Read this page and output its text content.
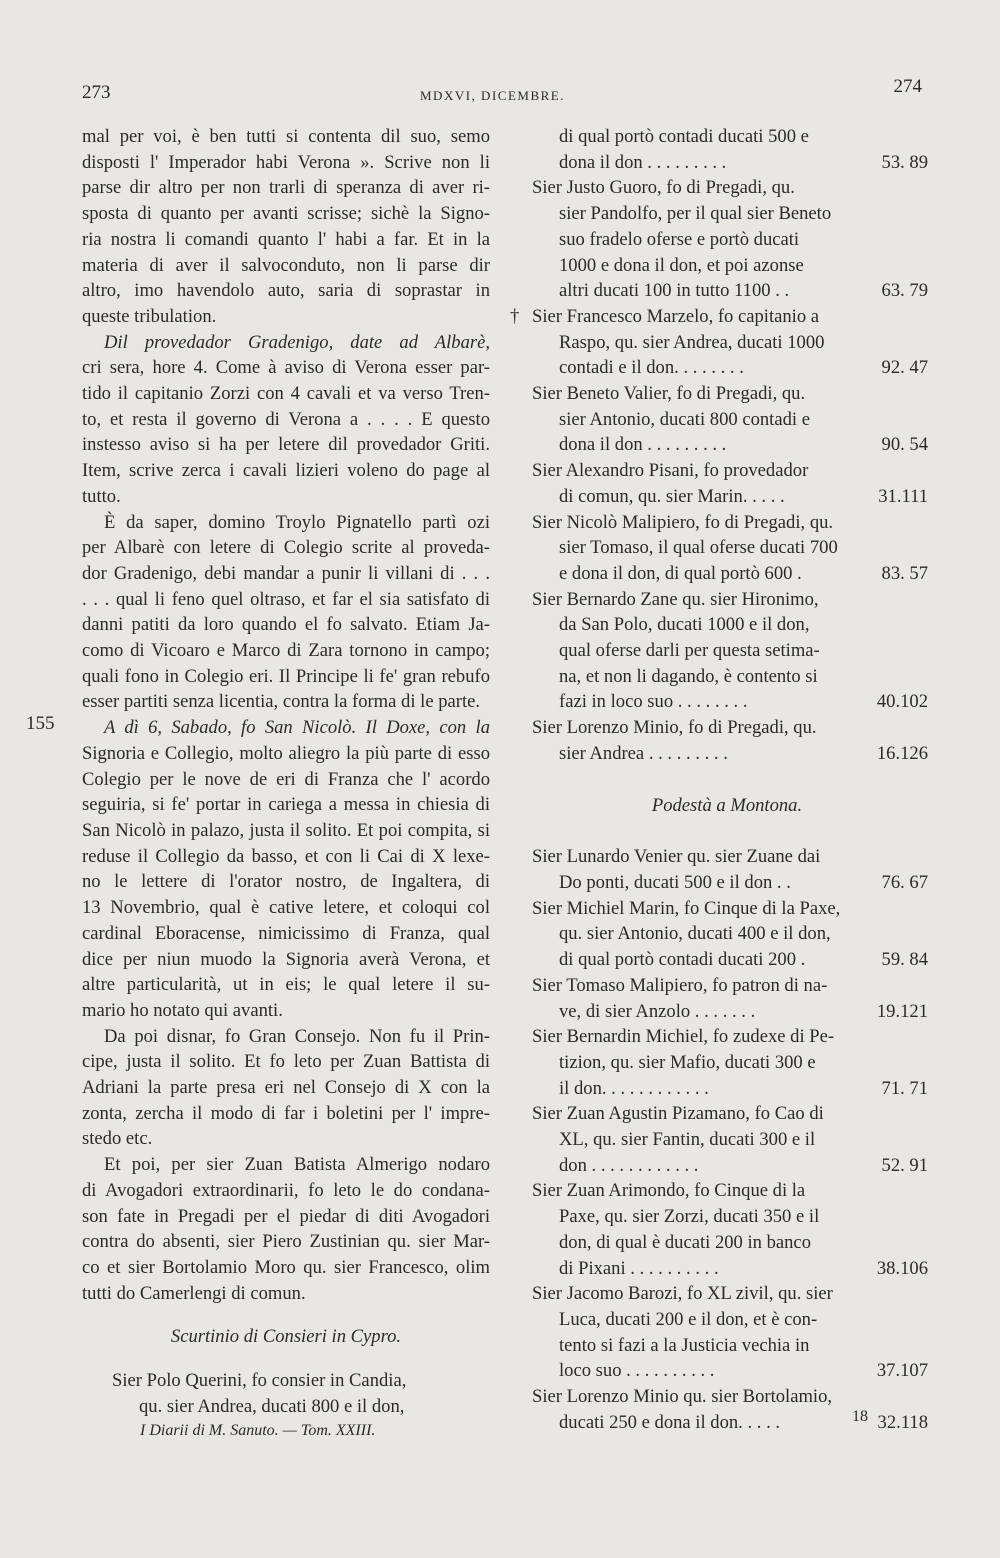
273	MDXVI, DICEMBRE.	274
155
mal per voi, è ben tutti si contenta dil suo, semo
disposti l' Imperador habi Verona ». Scrive non li
parse dir altro per non trarli di speranza di aver ri-
sposta di quanto per avanti scrisse; sichè la Signo-
ria nostra li comandi quanto l' habi a far. Et in la
materia di aver il salvoconduto, non li parse dir
altro, imo havendolo auto, saria di soprastar in
queste tribulation.
Dil provedador Gradenigo, date ad Albarè,
cri sera, hore 4. Come à aviso di Verona esser par-
tido il capitanio Zorzi con 4 cavali et va verso Tren-
to, et resta il governo di Verona a . . . . E questo
instesso aviso si ha per letere dil provedador Griti.
Item, scrive zerca i cavali lizieri voleno do page al
tutto.
È da saper, domino Troylo Pignatello partì ozi
per Albarè con letere di Colegio scrite al proveda-
dor Gradenigo, debi mandar a punir li villani di . . .
. . . qual li feno quel oltraso, et far el sia satisfato di
danni patiti da loro quando el fo salvato. Etiam Ja-
como di Vicoaro e Marco di Zara tornono in campo;
quali fono in Colegio eri. Il Principe li fe' gran rebufo
esser partiti senza licentia, contra la forma di le parte.
A dì 6, Sabado, fo San Nicolò. Il Doxe, con la
Signoria e Collegio, molto aliegro la più parte di esso
Colegio per le nove de eri di Franza che l' acordo
seguiria, si fe' portar in cariega a messa in chiesia di
San Nicolò in palazo, justa il solito. Et poi compita, si
reduse il Collegio da basso, et con li Cai di X lexe-
no le lettere di l'orator nostro, de Ingaltera, di
13 Novembrio, qual è cative letere, et coloqui col
cardinal Eboracense, nimicissimo di Franza, qual
dice per niun muodo la Signoria averà Verona, et
altre particularità, ut in eis; le qual letere il su-
mario ho notato qui avanti.
Da poi disnar, fo Gran Consejo. Non fu il Prin-
cipe, justa il solito. Et fo leto per Zuan Battista di
Adriani la parte presa eri nel Consejo di X con la
zonta, zercha il modo di far i boletini per l' impre-
stedo etc.
Et poi, per sier Zuan Batista Almerigo nodaro
di Avogadori extraordinarii, fo leto le do condana-
son fate in Pregadi per el piedar di diti Avogadori
contra do absenti, sier Piero Zustinian qu. sier Mar-
co et sier Bortolamio Moro qu. sier Francesco, olim
tutti do Camerlengi di comun.
Scurtinio di Consieri in Cypro.
Sier Polo Querini, fo consier in Candia,
qu. sier Andrea, ducati 800 e il don,
di qual portò contadi ducati 500 e
dona il don . . . . . . . . .	53. 89
Sier Justo Guoro, fo di Pregadi, qu.
sier Pandolfo, per il qual sier Beneto
suo fradelo oferse e portò ducati
1000 e dona il don, et poi azonse
altri ducati 100 in tutto 1100 . .	63. 79
Sier Francesco Marzelo, fo capitanio a
†
Raspo, qu. sier Andrea, ducati 1000
contadi e il don. . . . . . . .	92. 47
Sier Beneto Valier, fo di Pregadi, qu.
sier Antonio, ducati 800 contadi e
dona il don . . . . . . . . .	90. 54
Sier Alexandro Pisani, fo provedador
di comun, qu. sier Marin. . . . .	31.111
Sier Nicolò Malipiero, fo di Pregadi, qu.
sier Tomaso, il qual oferse ducati 700
e dona il don, di qual portò 600 .	83. 57
Sier Bernardo Zane qu. sier Hironimo,
da San Polo, ducati 1000 e il don,
qual oferse darli per questa setima-
na, et non li dagando, è contento si
fazi in loco suo . . . . . . . .	40.102
Sier Lorenzo Minio, fo di Pregadi, qu.
sier Andrea . . . . . . . . .	16.126
Podestà a Montona.
Sier Lunardo Venier qu. sier Zuane dai
Do ponti, ducati 500 e il don . .	76. 67
Sier Michiel Marin, fo Cinque di la Paxe,
qu. sier Antonio, ducati 400 e il don,
di qual portò contadi ducati 200 .	59. 84
Sier Tomaso Malipiero, fo patron di na-
ve, di sier Anzolo . . . . . . .	19.121
Sier Bernardin Michiel, fo zudexe di Pe-
tizion, qu. sier Mafio, ducati 300 e
il don. . . . . . . . . . . .	71. 71
Sier Zuan Agustin Pizamano, fo Cao di
XL, qu. sier Fantin, ducati 300 e il
don . . . . . . . . . . . .	52. 91
Sier Zuan Arimondo, fo Cinque di la
Paxe, qu. sier Zorzi, ducati 350 e il
don, di qual è ducati 200 in banco
di Pixani . . . . . . . . . .	38.106
Sier Jacomo Barozi, fo XL zivil, qu. sier
Luca, ducati 200 e il don, et è con-
tento si fazi a la Justicia vechia in
loco suo . . . . . . . . . .	37.107
Sier Lorenzo Minio qu. sier Bortolamio,
ducati 250 e dona il don. . . . .	32.118
I Diarii di M. Sanuto. — Tom. XXIII.
18
